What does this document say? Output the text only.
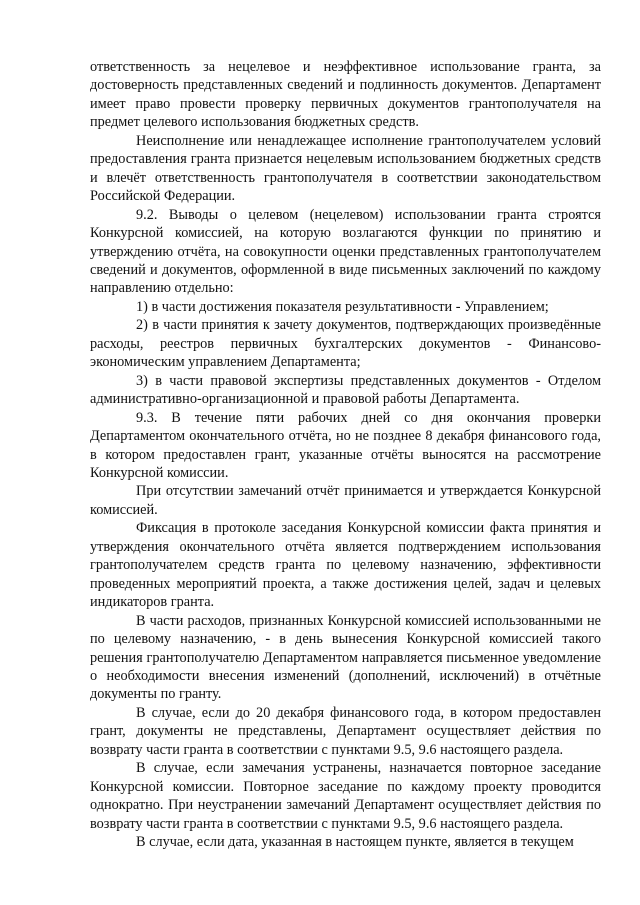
ответственность за нецелевое и неэффективное использование гранта, за достоверность представленных сведений и подлинность документов. Департамент имеет право провести проверку первичных документов грантополучателя на предмет целевого использования бюджетных средств.

Неисполнение или ненадлежащее исполнение грантополучателем условий предоставления гранта признается нецелевым использованием бюджетных средств и влечёт ответственность грантополучателя в соответствии законодательством Российской Федерации.

9.2. Выводы о целевом (нецелевом) использовании гранта строятся Конкурсной комиссией, на которую возлагаются функции по принятию и утверждению отчёта, на совокупности оценки представленных грантополучателем сведений и документов, оформленной в виде письменных заключений по каждому направлению отдельно:

1) в части достижения показателя результативности - Управлением;

2) в части принятия к зачету документов, подтверждающих произведённые расходы, реестров первичных бухгалтерских документов - Финансово-экономическим управлением Департамента;

3) в части правовой экспертизы представленных документов - Отделом административно-организационной и правовой работы Департамента.

9.3. В течение пяти рабочих дней со дня окончания проверки Департаментом окончательного отчёта, но не позднее 8 декабря финансового года, в котором предоставлен грант, указанные отчёты выносятся на рассмотрение Конкурсной комиссии.

При отсутствии замечаний отчёт принимается и утверждается Конкурсной комиссией.

Фиксация в протоколе заседания Конкурсной комиссии факта принятия и утверждения окончательного отчёта является подтверждением использования грантополучателем средств гранта по целевому назначению, эффективности проведенных мероприятий проекта, а также достижения целей, задач и целевых индикаторов гранта.

В части расходов, признанных Конкурсной комиссией использованными не по целевому назначению, - в день вынесения Конкурсной комиссией такого решения грантополучателю Департаментом направляется письменное уведомление о необходимости внесения изменений (дополнений, исключений) в отчётные документы по гранту.

В случае, если до 20 декабря финансового года, в котором предоставлен грант, документы не представлены, Департамент осуществляет действия по возврату части гранта в соответствии с пунктами 9.5, 9.6 настоящего раздела.

В случае, если замечания устранены, назначается повторное заседание Конкурсной комиссии. Повторное заседание по каждому проекту проводится однократно. При неустранении замечаний Департамент осуществляет действия по возврату части гранта в соответствии с пунктами 9.5, 9.6 настоящего раздела.

В случае, если дата, указанная в настоящем пункте, является в текущем
